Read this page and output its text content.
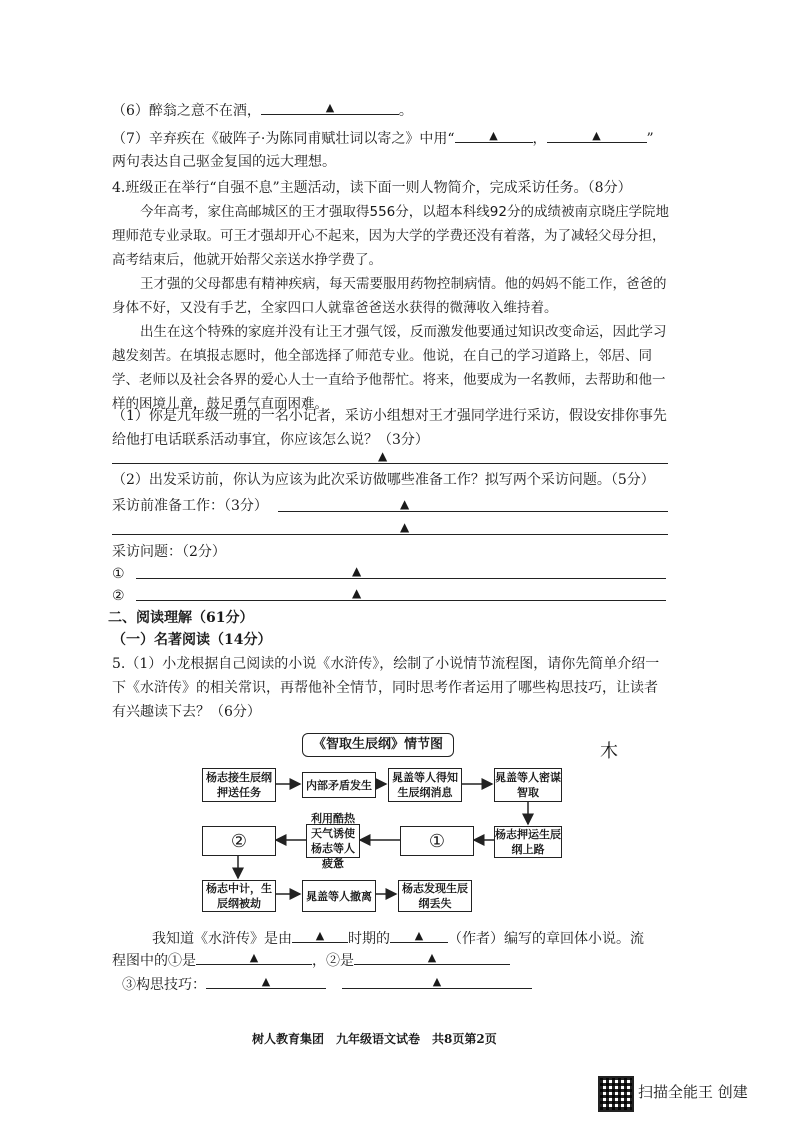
（6）醉翁之意不在酒，	▲	。
（7）辛弃疾在《破阵子·为陈同甫赋壮词以寄之》中用“	▲ ，	▲	”
两句表达自己驱金复国的远大理想。
4.班级正在举行“自强不息”主题活动，读下面一则人物简介，完成采访任务。（8分）
今年高考，家住高邮城区的王才强取得556分，以超本科线92分的成绩被南京晓庄学院地理师范专业录取。可王才强却开心不起来，因为大学的学费还没有着落，为了减轻父母分担，高考结束后，他就开始帮父亲送水挣学费了。
王才强的父母都患有精神疾病，每天需要服用药物控制病情。他的妈妈不能工作，爸爸的身体不好，又没有手艺，全家四口人就靠爸爸送水获得的微薄收入维持着。
出生在这个特殊的家庭并没有让王才强气馁，反而激发他要通过知识改变命运，因此学习越发刻苦。在填报志愿时，他全部选择了师范专业。他说，在自己的学习道路上，邻居、同学、老师以及社会各界的爱心人士一直给予他帮忙。将来，他要成为一名教师，去帮助和他一样的困境儿童，鼓足勇气直面困难。
（1）你是九年级一班的一名小记者，采访小组想对王才强同学进行采访，假设安排你事先给他打电话联系活动事宜，你应该怎么说？（3分）
▲
（2）出发采访前，你认为应该为此次采访做哪些准备工作？拟写两个采访问题。（5分）
采访前准备工作：（3分）	▲
▲
采访问题：（2分）
①	▲
②	▲
二、阅读理解（61分）
（一）名著阅读（14分）
5.（1）小龙根据自己阅读的小说《水浒传》，绘制了小说情节流程图，请你先简单介绍一下《水浒传》的相关常识，再帮他补全情节，同时思考作者运用了哪些构思技巧，让读者有兴趣读下去？（6分）
《智取生辰纲》情节图	木
杨志接生辰纲押送任务
内部矛盾发生
晁盖等人得知生辰纲消息
晁盖等人密谋智取
杨志押运生辰纲上路
①
利用酷热天气诱使杨志等人疲惫
②
杨志中计，生辰纲被劫
晁盖等人撤离
杨志发现生辰纲丢失
我知道《水浒传》是由 ▲ 时期的 ▲ （作者）编写的章回体小说。流
程图中的①是	▲	，②是	▲
③构思技巧：	▲	▲
树人教育集团　九年级语文试卷　共8页第2页
扫描全能王 创建
